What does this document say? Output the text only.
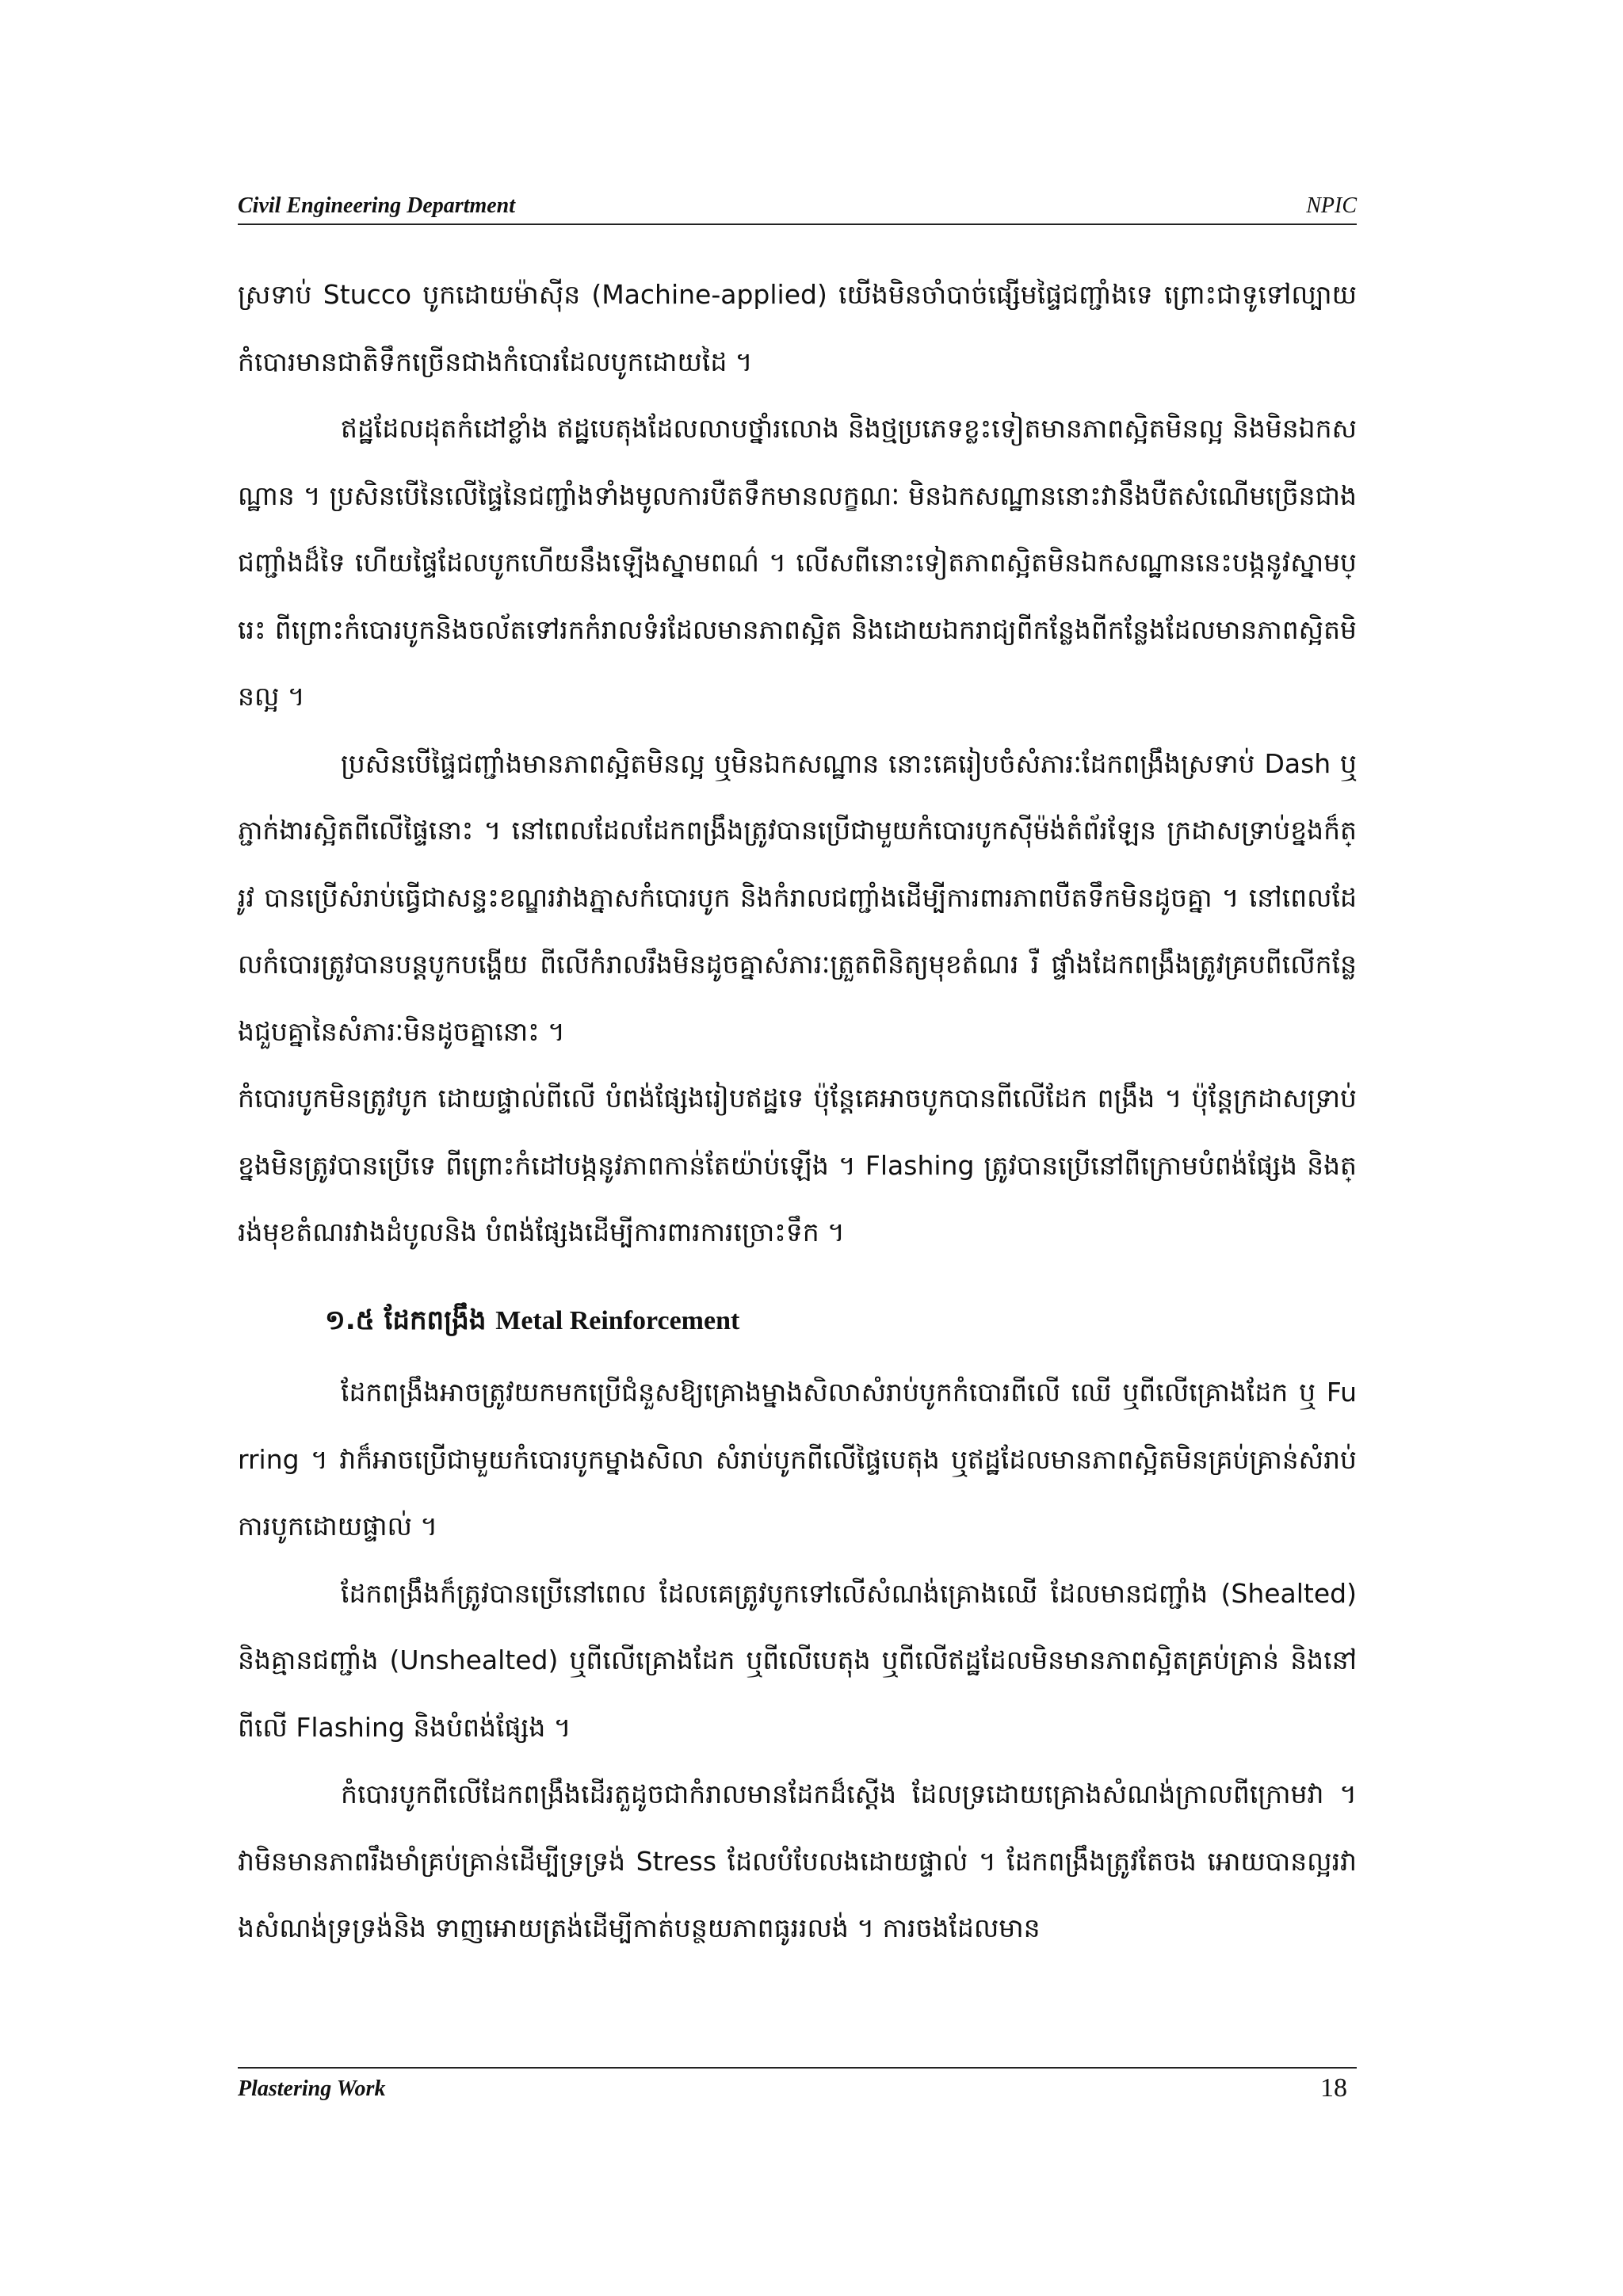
Civil Engineering Department	NPIC

ស្រទាប់ Stucco បូកដោយម៉ាស៊ីន (Machine-applied) យើងមិនចាំបាច់ផ្សើមផ្ទៃជញ្ជាំងទេ ព្រោះជាទូទៅល្បាយកំបោរមានជាតិទឹកច្រើនជាងកំបោរដែលបូកដោយដៃ ។

ឥដ្ឋដែលដុតកំដៅខ្លាំង ឥដ្ឋបេតុងដែលលាបថ្នាំរលោង និងថ្មប្រភេទខ្លះទៀតមានភាពស្អិតមិនល្អ និងមិនឯកសណ្ឋាន ។ ប្រសិនបើនៃលើផ្ទៃនៃជញ្ជាំងទាំងមូលការបឺតទឹកមានលក្ខណៈ មិនឯកសណ្ឋាននោះវានឹងបឺតសំណើមច្រើនជាងជញ្ជាំងដ៏ទៃ ហើយផ្ទៃដែលបូកហើយនឹងឡើងស្នាមពណ៌ ។ លើសពីនោះទៀតភាពស្អិតមិនឯកសណ្ឋាននេះបង្កនូវស្នាមប្រេះ ពីព្រោះកំបោរបូកនិងចល័តទៅរកកំរាលទំរដែលមានភាពស្អិត និងដោយឯករាជ្យពីកន្លែងពីកន្លែងដែលមានភាពស្អិតមិនល្អ ។

ប្រសិនបើផ្ទៃជញ្ជាំងមានភាពស្អិតមិនល្អ ឬមិនឯកសណ្ឋាន នោះគេរៀបចំសំភារៈដែកពង្រឹងស្រទាប់ Dash ឬភ្ជាក់ងារស្អិតពីលើផ្ទៃនោះ ។ នៅពេលដែលដែកពង្រឹងត្រូវបានប្រើជាមួយកំបោរបូកស៊ីម៉ង់តំព័រឡែន ក្រដាសទ្រាប់ខ្នងក៏ត្រូវ បានប្រើសំរាប់ធ្វើជាសន្ទះខណ្ឌរវាងភ្នាសកំបោរបូក និងកំរាលជញ្ជាំងដើម្បីការពារភាពបឺតទឹកមិនដូចគ្នា ។ នៅពេលដែលកំបោរត្រូវបានបន្តបូកបង្ហើយ ពីលើកំរាលរឹងមិនដូចគ្នាសំភារៈត្រួតពិនិត្យមុខតំណរ រឺ ផ្ទាំងដែកពង្រឹងត្រូវគ្របពីលើកន្លែងជួបគ្នានៃសំភារៈមិនដូចគ្នានោះ ។

កំបោរបូកមិនត្រូវបូក ដោយផ្ទាល់ពីលើ បំពង់ផ្សែងរៀបឥដ្ឋទេ ប៉ុន្តែគេអាចបូកបានពីលើដែក ពង្រឹង ។ ប៉ុន្តែក្រដាសទ្រាប់ខ្នងមិនត្រូវបានប្រើទេ ពីព្រោះកំដៅបង្កនូវភាពកាន់តែយ៉ាប់ឡើង ។ Flashing ត្រូវបានប្រើនៅពីក្រោមបំពង់ផ្សែង និងត្រង់មុខតំណរវាងដំបូលនិង បំពង់ផ្សែងដើម្បីការពារការច្រោះទឹក ។

១.៥ ដែកពង្រឹង Metal Reinforcement

ដែកពង្រឹងអាចត្រូវយកមកប្រើជំនួសឱ្យគ្រោងម្នាងសិលាសំរាប់បូកកំបោរពីលើ ឈើ ឬពីលើគ្រោងដែក ឬ Furring ។ វាក៏អាចប្រើជាមួយកំបោរបូកម្នាងសិលា សំរាប់បូកពីលើផ្ទៃបេតុង ឬឥដ្ឋដែលមានភាពស្អិតមិនគ្រប់គ្រាន់សំរាប់ការបូកដោយផ្ទាល់ ។

ដែកពង្រឹងក៏ត្រូវបានប្រើនៅពេល ដែលគេត្រូវបូកទៅលើសំណង់គ្រោងឈើ ដែលមានជញ្ជាំង (Shealted) និងគ្មានជញ្ជាំង (Unshealted) ឬពីលើគ្រោងដែក ឬពីលើបេតុង ឬពីលើឥដ្ឋដែលមិនមានភាពស្អិតគ្រប់គ្រាន់ និងនៅពីលើ Flashing និងបំពង់ផ្សែង ។

កំបោរបូកពីលើដែកពង្រឹងដើរតួដូចជាកំរាលមានដែកដ៏ស្តើង ដែលទ្រដោយគ្រោងសំណង់ក្រាលពីក្រោមវា ។ វាមិនមានភាពរឹងមាំគ្រប់គ្រាន់ដើម្បីទ្រទ្រង់ Stress ដែលបំបែលងដោយផ្ទាល់ ។ ដែកពង្រឹងត្រូវតែចង អោយបានល្អរវាងសំណង់ទ្រទ្រង់និង ទាញអោយត្រង់ដើម្បីកាត់បន្ថយភាពធូររលង់ ។ ការចងដែលមាន

Plastering Work	18
